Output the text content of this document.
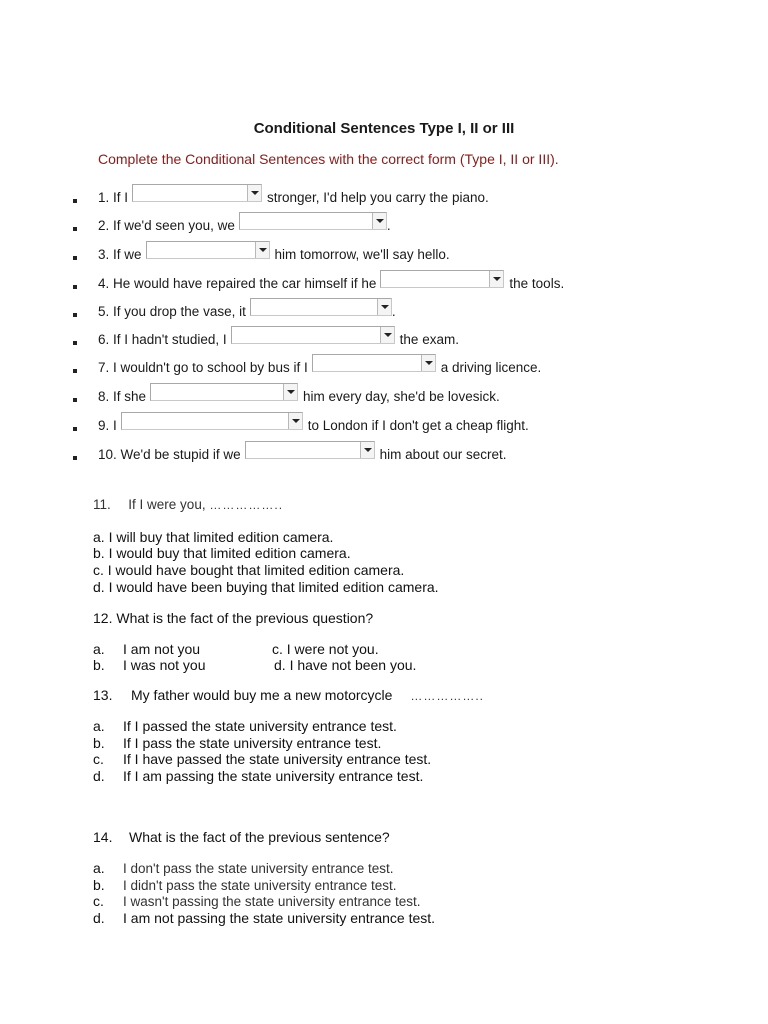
Conditional Sentences Type I, II or III
Complete the Conditional Sentences with the correct form (Type I, II or III).
1. If I	stronger, I'd help you carry the piano.
2. If we'd seen you, we	.
3. If we	him tomorrow, we'll say hello.
4. He would have repaired the car himself if he	the tools.
5. If you drop the vase, it	.
6. If I hadn't studied, I	the exam.
7. I wouldn't go to school by bus if I	a driving licence.
8. If she	him every day, she'd be lovesick.
9. I	to London if I don't get a cheap flight.
10. We'd be stupid if we	him about our secret.
11. If I were you, ……………..
a. I will buy that limited edition camera.
b. I would buy that limited edition camera.
c. I would have bought that limited edition camera.
d. I would have been buying that limited edition camera.
12. What is the fact of the previous question?
a. I am not you	c. I were not you.
b. I was not you	d. I have not been you.
13. My father would buy me a new motorcycle ……………..
a. If I passed the state university entrance test.
b. If I pass the state university entrance test.
c. If I have passed the state university entrance test.
d. If I am passing the state university entrance test.
14. What is the fact of the previous sentence?
a. I don't pass the state university entrance test.
b. I didn't pass the state university entrance test.
c. I wasn't passing the state university entrance test.
d. I am not passing the state university entrance test.
